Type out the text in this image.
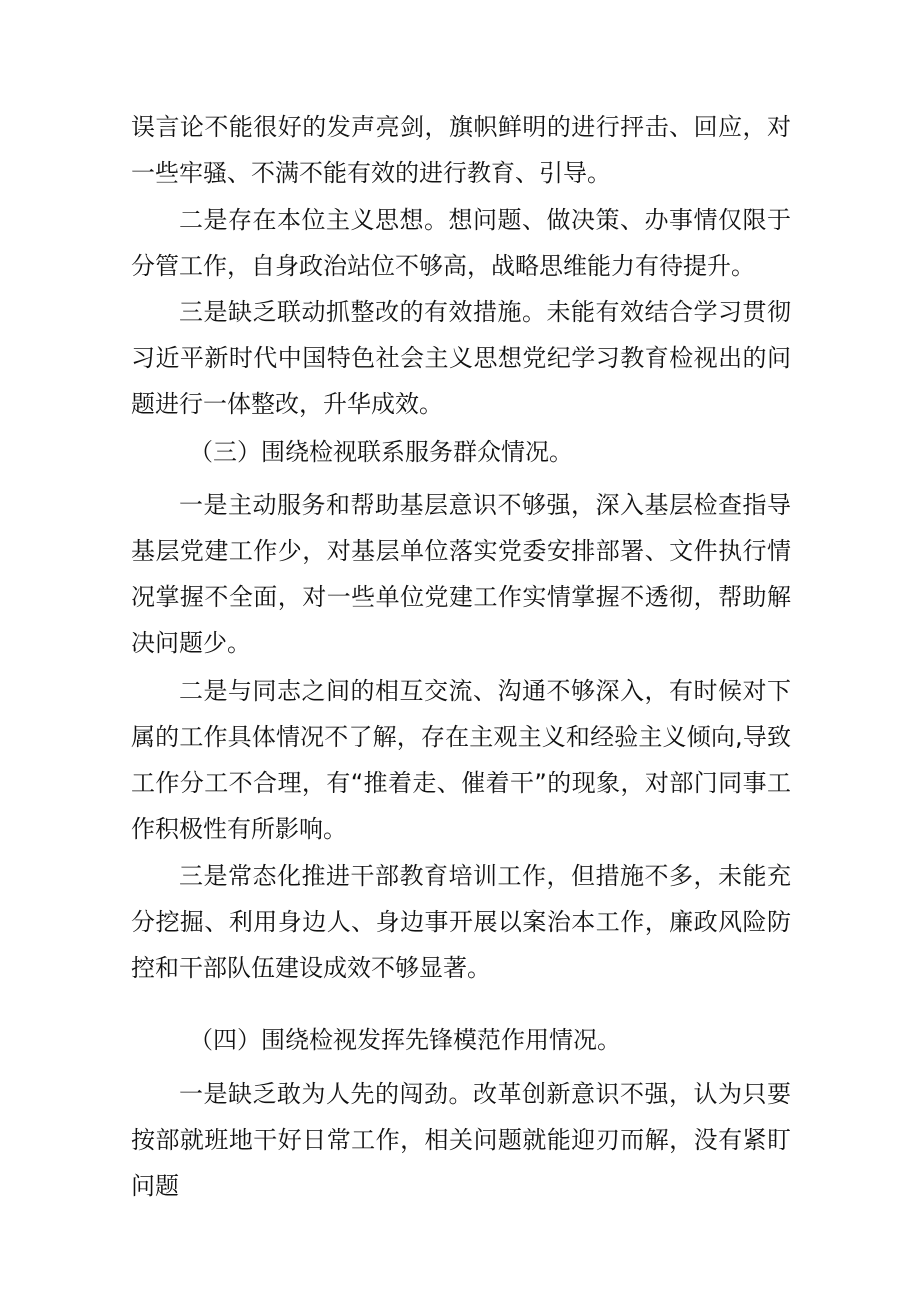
误言论不能很好的发声亮剑，旗帜鲜明的进行抨击、回应，对一些牢骚、不满不能有效的进行教育、引导。

二是存在本位主义思想。想问题、做决策、办事情仅限于分管工作，自身政治站位不够高，战略思维能力有待提升。

三是缺乏联动抓整改的有效措施。未能有效结合学习贯彻习近平新时代中国特色社会主义思想党纪学习教育检视出的问题进行一体整改，升华成效。

（三）围绕检视联系服务群众情况。

一是主动服务和帮助基层意识不够强，深入基层检查指导基层党建工作少，对基层单位落实党委安排部署、文件执行情况掌握不全面，对一些单位党建工作实情掌握不透彻，帮助解决问题少。

二是与同志之间的相互交流、沟通不够深入，有时候对下属的工作具体情况不了解，存在主观主义和经验主义倾向,导致工作分工不合理，有“推着走、催着干”的现象，对部门同事工作积极性有所影响。

三是常态化推进干部教育培训工作，但措施不多，未能充分挖掘、利用身边人、身边事开展以案治本工作，廉政风险防控和干部队伍建设成效不够显著。

（四）围绕检视发挥先锋模范作用情况。

一是缺乏敢为人先的闯劲。改革创新意识不强，认为只要按部就班地干好日常工作，相关问题就能迎刃而解，没有紧盯问题
